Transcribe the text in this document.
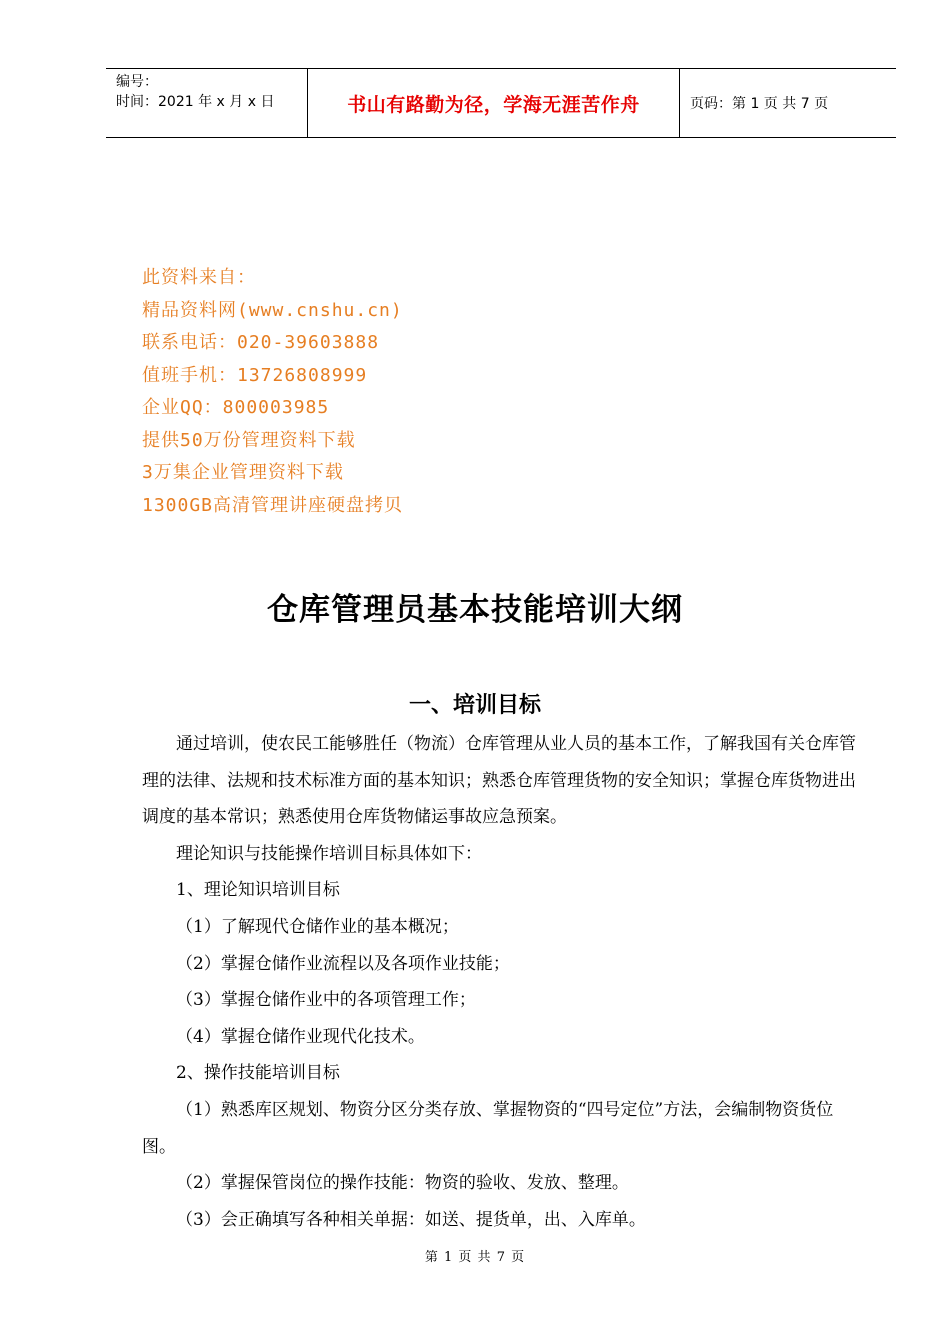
编号：
时间：2021 年 x 月 x 日	书山有路勤为径，学海无涯苦作舟	页码：第 1 页 共 7 页
此资料来自：
精品资料网(www.cnshu.cn)
联系电话：020-39603888
值班手机：13726808999
企业QQ：800003985
提供50万份管理资料下载
3万集企业管理资料下载
1300GB高清管理讲座硬盘拷贝
仓库管理员基本技能培训大纲
一、培训目标

通过培训，使农民工能够胜任（物流）仓库管理从业人员的基本工作，了解我国有关仓库管理的法律、法规和技术标准方面的基本知识；熟悉仓库管理货物的安全知识；掌握仓库货物进出调度的基本常识；熟悉使用仓库货物储运事故应急预案。

理论知识与技能操作培训目标具体如下：

1、理论知识培训目标

（1）了解现代仓储作业的基本概况；

（2）掌握仓储作业流程以及各项作业技能；

（3）掌握仓储作业中的各项管理工作；

（4）掌握仓储作业现代化技术。

2、操作技能培训目标

（1）熟悉库区规划、物资分区分类存放、掌握物资的“四号定位”方法，会编制物资货位图。

（2）掌握保管岗位的操作技能：物资的验收、发放、整理。

（3）会正确填写各种相关单据：如送、提货单，出、入库单。

第 1 页 共 7 页
